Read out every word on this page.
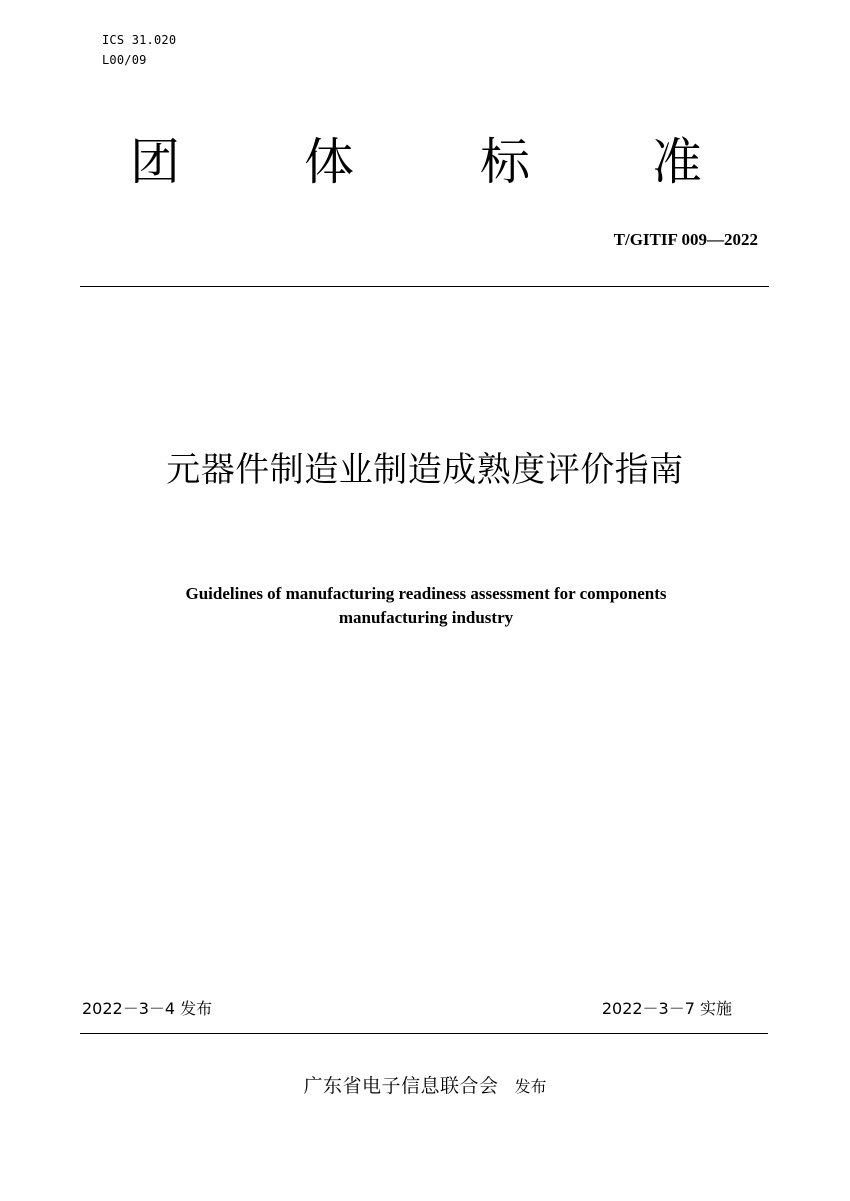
ICS 31.020
L00/09
团 体	标 准
T/GITIF 009—2022
元器件制造业制造成熟度评价指南
Guidelines of manufacturing readiness assessment for components
manufacturing industry
2022－3－4 发布	2022－3－7 实施
广东省电子信息联合会 发布
